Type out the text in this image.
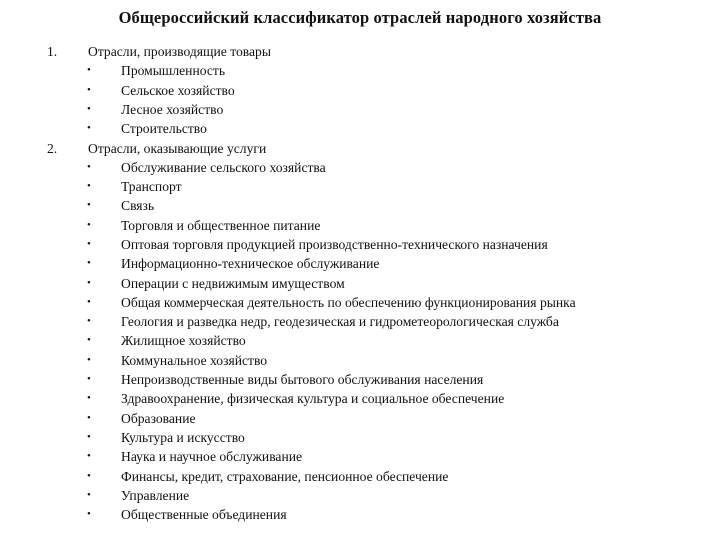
Общероссийский классификатор отраслей народного хозяйства
1. Отрасли, производящие товары
• Промышленность
• Сельское хозяйство
• Лесное хозяйство
• Строительство
2. Отрасли, оказывающие услуги
• Обслуживание сельского хозяйства
• Транспорт
• Связь
• Торговля и общественное питание
• Оптовая торговля продукцией производственно-технического назначения
• Информационно-техническое обслуживание
• Операции с недвижимым имуществом
• Общая коммерческая деятельность по обеспечению функционирования рынка
• Геология и разведка недр, геодезическая и гидрометеорологическая служба
• Жилищное хозяйство
• Коммунальное хозяйство
• Непроизводственные виды бытового обслуживания населения
• Здравоохранение, физическая культура и социальное обеспечение
• Образование
• Культура и искусство
• Наука и научное обслуживание
• Финансы, кредит, страхование, пенсионное обеспечение
• Управление
• Общественные объединения
